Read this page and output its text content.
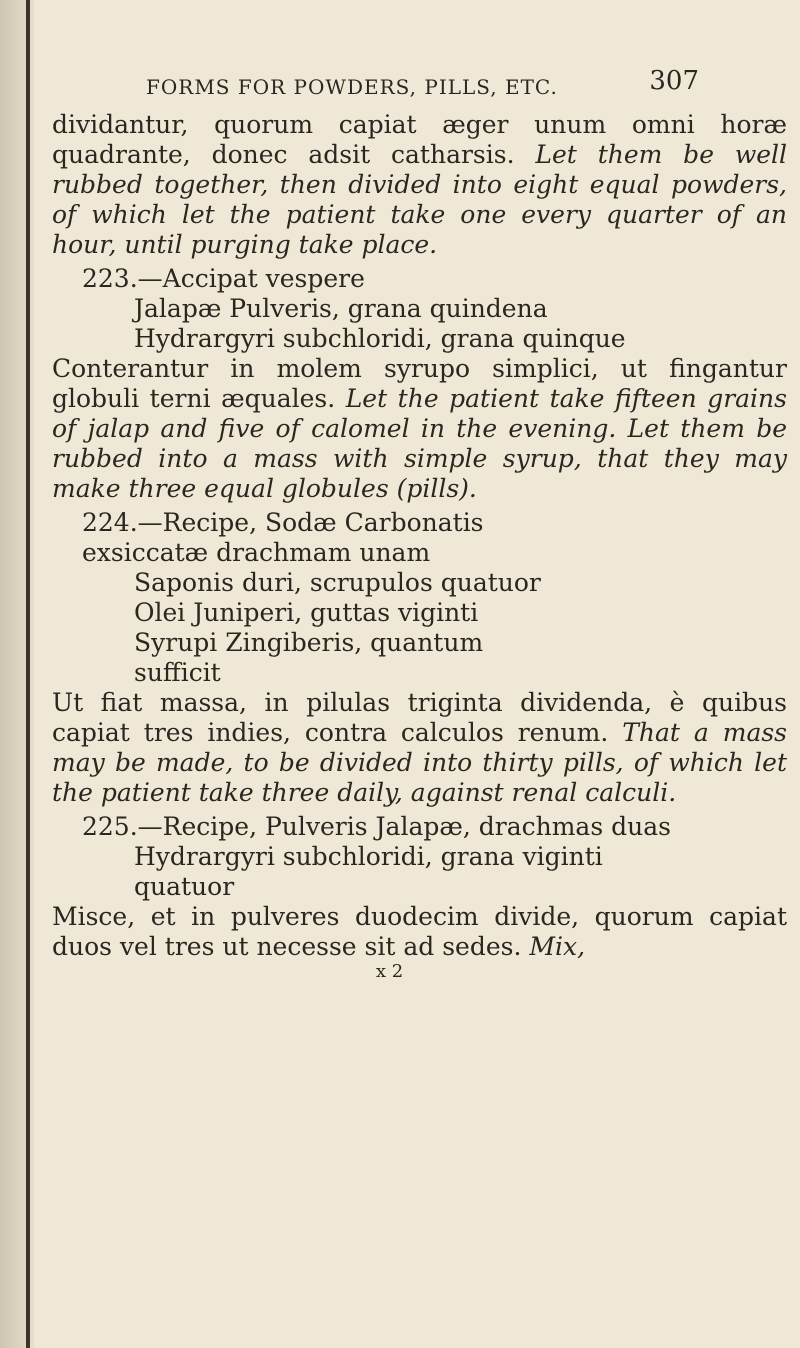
FORMS FOR POWDERS, PILLS, ETC.	307

dividantur, quorum capiat æger unum omni horæ quadrante, donec adsit catharsis. Let them be well rubbed together, then divided into eight equal powders, of which let the patient take one every quarter of an hour, until purging take place.

223.—Accipat vespere

Jalapæ Pulveris, grana quindena

Hydrargyri subchloridi, grana quinque

Conterantur in molem syrupo simplici, ut fingantur globuli terni æquales. Let the patient take fifteen grains of jalap and five of calomel in the evening. Let them be rubbed into a mass with simple syrup, that they may make three equal globules (pills).

224.—Recipe, Sodæ Carbonatis exsiccatæ drachmam unam

Saponis duri, scrupulos quatuor

Olei Juniperi, guttas viginti

Syrupi Zingiberis, quantum sufficit

Ut fiat massa, in pilulas triginta dividenda, è quibus capiat tres indies, contra calculos renum. That a mass may be made, to be divided into thirty pills, of which let the patient take three daily, against renal calculi.

225.—Recipe, Pulveris Jalapæ, drachmas duas

Hydrargyri subchloridi, grana viginti quatuor

Misce, et in pulveres duodecim divide, quorum capiat duos vel tres ut necesse sit ad sedes. Mix,

x 2
